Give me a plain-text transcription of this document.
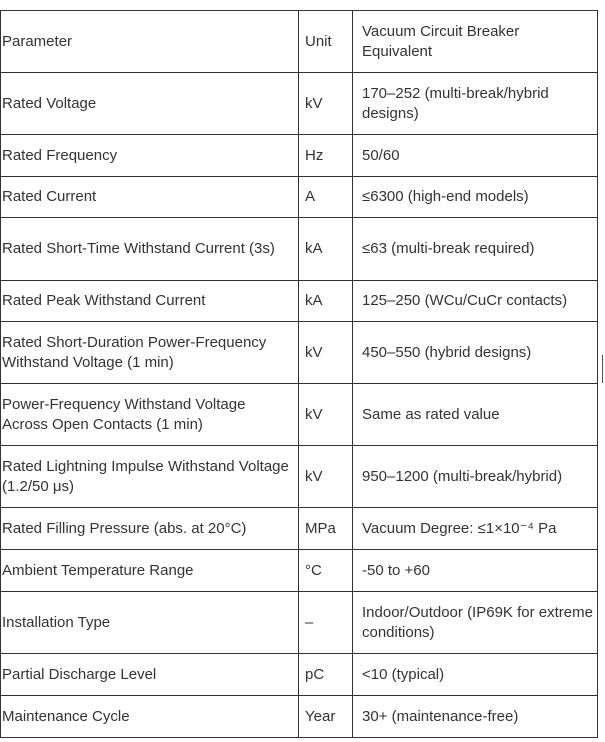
Parameter	Unit	Vacuum Circuit Breaker Equivalent
Rated Voltage	kV	170–252 (multi-break/hybrid designs)
Rated Frequency	Hz	50/60
Rated Current	A	≤6300 (high-end models)
Rated Short-Time Withstand Current (3s)	kA	≤63 (multi-break required)
Rated Peak Withstand Current	kA	125–250 (WCu/CuCr contacts)
Rated Short-Duration Power-Frequency Withstand Voltage (1 min)	kV	450–550 (hybrid designs)
Power-Frequency Withstand Voltage Across Open Contacts (1 min)	kV	Same as rated value
Rated Lightning Impulse Withstand Voltage (1.2/50 μs)	kV	950–1200 (multi-break/hybrid)
Rated Filling Pressure (abs. at 20°C)	MPa	Vacuum Degree: ≤1×10⁻⁴ Pa
Ambient Temperature Range	°C	-50 to +60
Installation Type	–	Indoor/Outdoor (IP69K for extreme conditions)
Partial Discharge Level	pC	<10 (typical)
Maintenance Cycle	Year	30+ (maintenance-free)
